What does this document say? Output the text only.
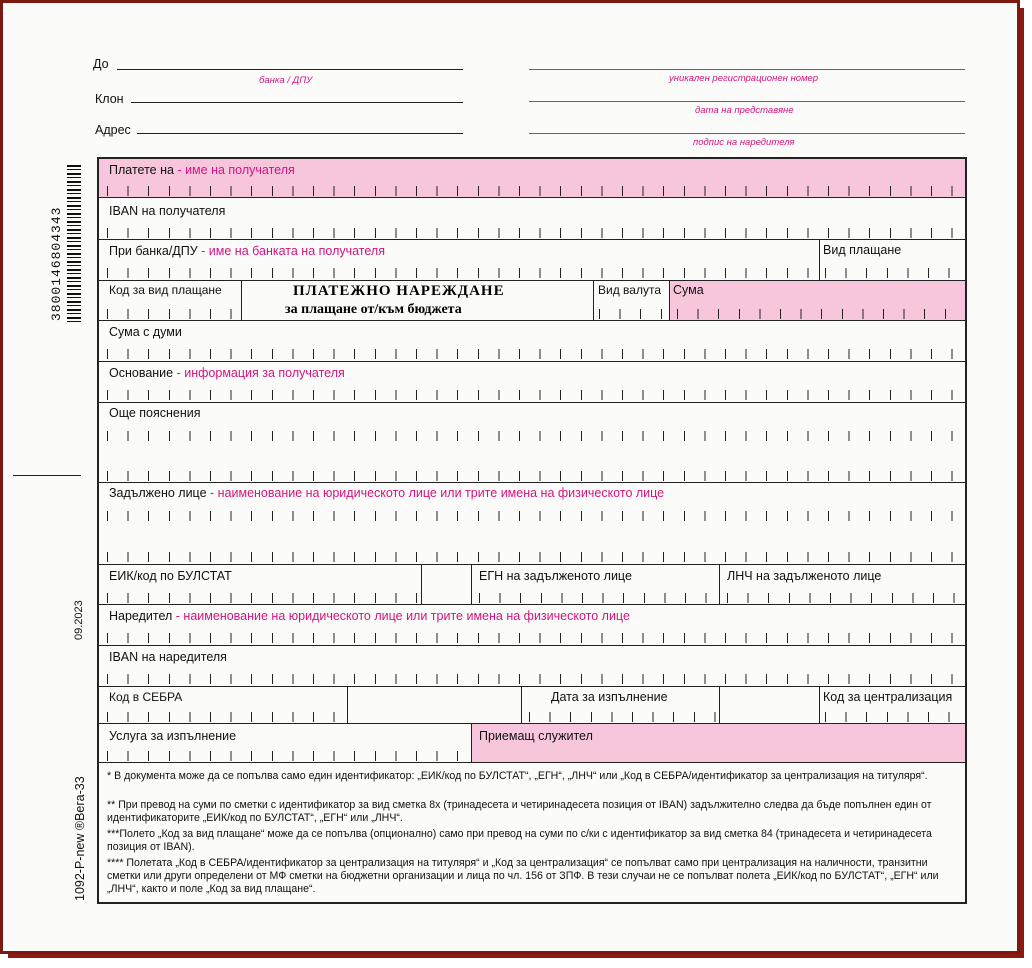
3800146804343
09.2023
1092-P-new ®Вега-33
До
банка / ДПУ
Клон
Адрес
уникален регистрационен номер
дата на представяне
подпис на наредителя
Платете на - име на получателя
IBAN на получателя
При банка/ДПУ - име на банката на получателя	Вид плащане
Код за вид плащане	ПЛАТЕЖНО НАРЕЖДАНЕ
за плащане от/към бюджета
Вид валута Сума
Сума с думи
Основание - информация за получателя
Още пояснения
Задължено лице - наименование на юридическото лице или трите имена на физическото лице
ЕИК/код по БУЛСТАТ	ЕГН на задълженото лице	ЛНЧ на задълженото лице
Наредител - наименование на юридическото лице или трите имена на физическото лице
IBAN на наредителя
Код в СЕБРА	Дата за изпълнение	Код за централизация
Услуга за изпълнение	Приемащ служител
* В документа може да се попълва само един идентификатор: „ЕИК/код по БУЛСТАТ“, „ЕГН“, „ЛНЧ“ или „Код в СЕБРА/идентификатор за централизация на титуляря“.
** При превод на суми по сметки с идентификатор за вид сметка 8х (тринадесета и четиринадесета позиция от IBAN) задължително следва да бъде попълнен един от идентификаторите „ЕИК/код по БУЛСТАТ“, „ЕГН“ или „ЛНЧ“.
***Полето „Код за вид плащане“ може да се попълва (опционално) само при превод на суми по с/ки с идентификатор за вид сметка 84 (тринадесета и четиринадесета позиция от IBAN).
**** Полетата „Код в СЕБРА/идентификатор за централизация на титуляря“ и „Код за централизация“ се попълват само при централизация на наличности, транзитни сметки или други определени от МФ сметки на бюджетни организации и лица по чл. 156 от ЗПФ. В тези случаи не се попълват полета „ЕИК/код по БУЛСТАТ“, „ЕГН“ или „ЛНЧ“, както и поле „Код за вид плащане“.
